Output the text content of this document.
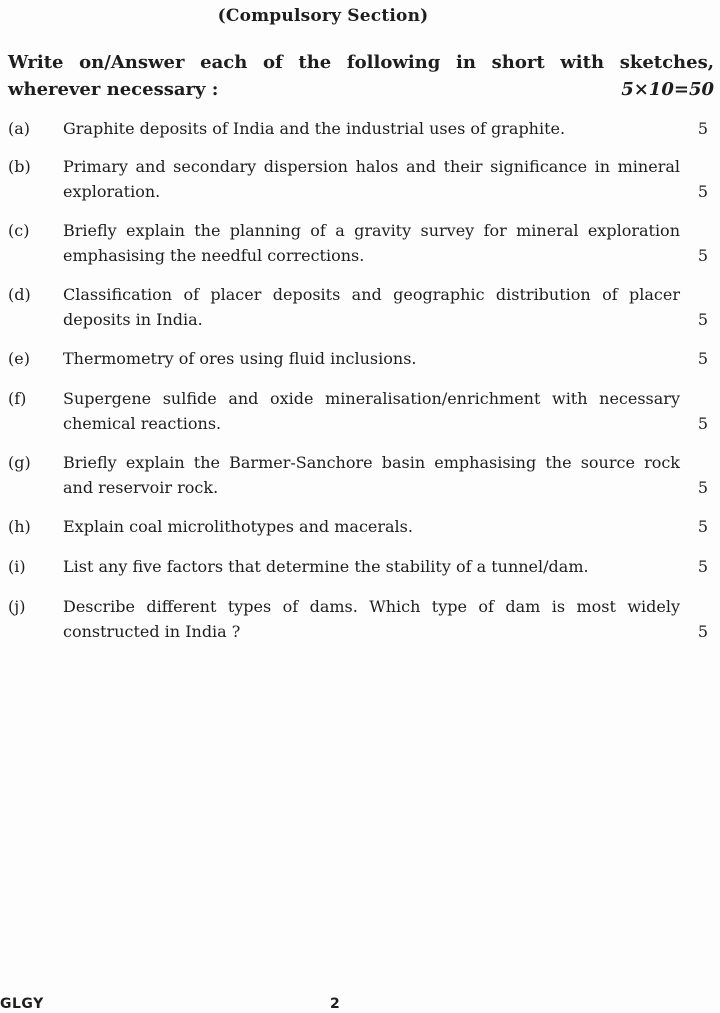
(Compulsory Section)
Write on/Answer each of the following in short with sketches,
wherever necessary :	5×10=50
(a)	Graphite deposits of India and the industrial uses of graphite.	5
(b)	Primary and secondary dispersion halos and their significance in mineral exploration.	5
(c)	Briefly explain the planning of a gravity survey for mineral exploration emphasising the needful corrections.	5
(d)	Classification of placer deposits and geographic distribution of placer deposits in India.	5
(e)	Thermometry of ores using fluid inclusions.	5
(f)	Supergene sulfide and oxide mineralisation/enrichment with necessary chemical reactions.	5
(g)	Briefly explain the Barmer-Sanchore basin emphasising the source rock and reservoir rock.	5
(h)	Explain coal microlithotypes and macerals.	5
(i)	List any five factors that determine the stability of a tunnel/dam.	5
(j)	Describe different types of dams. Which type of dam is most widely constructed in India ?	5
GLGY	2
